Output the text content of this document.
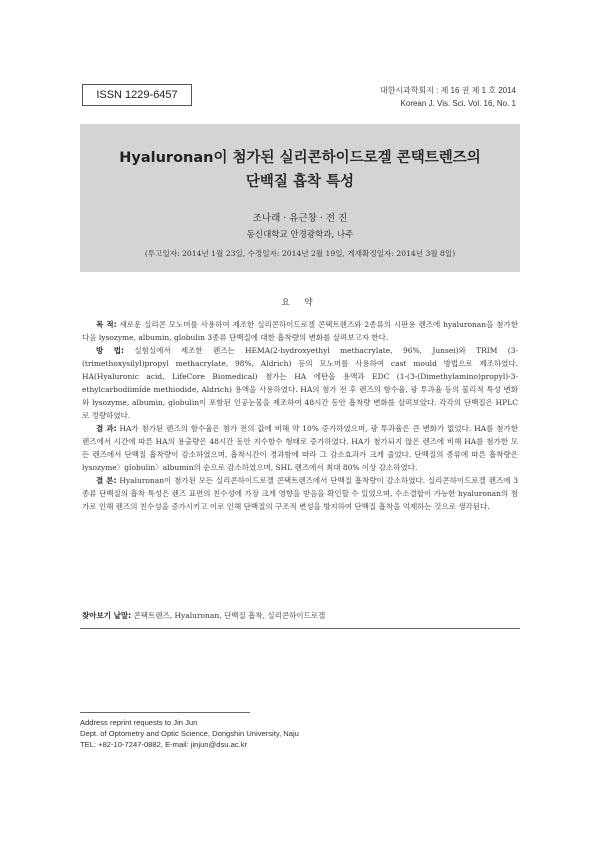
ISSN 1229-6457	대한시과학회지 : 제 16 권 제 1 호 2014
Korean J. Vis. Sci. Vol. 16, No. 1
Hyaluronan이 첨가된 실리콘하이드로겔 콘택트렌즈의
단백질 흡착 특성
조나래 · 유근창 · 전 진
동신대학교 안경광학과, 나주
(투고일자: 2014년 1월 23일, 수정일자: 2014년 2월 19일, 게재확정일자: 2014년 3월 8일)
요 약

목 적: 새로운 실리콘 모노머를 사용하여 제조한 실리콘하이드로겔 콘택트렌즈와 2종류의 시판용 렌즈에 hyaluronan을 첨가한 다음 lysozyme, albumin, globulin 3종류 단백질에 대한 흡착량의 변화를 살펴보고자 한다.

방 법: 실험실에서 제조한 렌즈는 HEMA(2-hydroxyethyl methacrylate, 96%, Junsei)와 TRIM (3-(trimethoxysilyl)propyl methacrylate, 98%, Aldrich) 등의 모노머를 사용하여 cast mould 방법으로 제조하였다. HA(Hyaluronic acid, LifeCore Biomedical) 첨가는 HA 에탄올 용액과 EDC (1-(3-(Dimethylamino)propyl)-3-ethylcarbodiimide methiodide, Aldrich) 용액을 사용하였다. HA의 첨가 전 후 렌즈의 함수율, 광 투과율 등의 물리적 특성 변화와 lysozyme, albumin, globulin이 포함된 인공눈물을 제조하여 48시간 동안 흡착량 변화를 살펴보았다. 각각의 단백질은 HPLC로 정량하였다.

결 과: HA가 첨가된 렌즈의 함수율은 첨가 전의 값에 비해 약 10% 증가하였으며, 광 투과율은 큰 변화가 없었다. HA를 첨가한 렌즈에서 시간에 따른 HA의 용출량은 48시간 동안 지수함수 형태로 증가하였다. HA가 첨가되지 않은 렌즈에 비해 HA를 첨가한 모든 렌즈에서 단백질 흡착량이 감소하였으며, 흡착시간이 경과함에 따라 그 감소효과가 크게 줄었다. 단백질의 종류에 따른 흡착량은 lysozyme〉globulin〉albumin의 순으로 감소하였으며, SHL 렌즈에서 최대 80% 이상 감소하였다.

결 론: Hyaluronan이 첨가된 모든 실리콘하이드로겔 콘택트렌즈에서 단백질 흡착량이 감소하였다. 실리콘하이드로겔 렌즈에 3종류 단백질의 흡착 특성은 렌즈 표면의 친수성에 가장 크게 영향을 받음을 확인할 수 있었으며, 수소결합이 가능한 hyaluronan의 첨가로 인해 렌즈의 친수성을 증가시키고 이로 인해 단백질의 구조적 변성을 방지하여 단백질 흡착을 억제하는 것으로 생각된다.

찾아보기 낱말: 콘택트렌즈, Hyaluronan, 단백질 흡착, 실리콘하이드로겔
Address reprint requests to Jin Jun
Dept. of Optometry and Optic Science, Dongshin University, Naju
TEL: +82-10-7247-0882, E-mail: jinjun@dsu.ac.kr
